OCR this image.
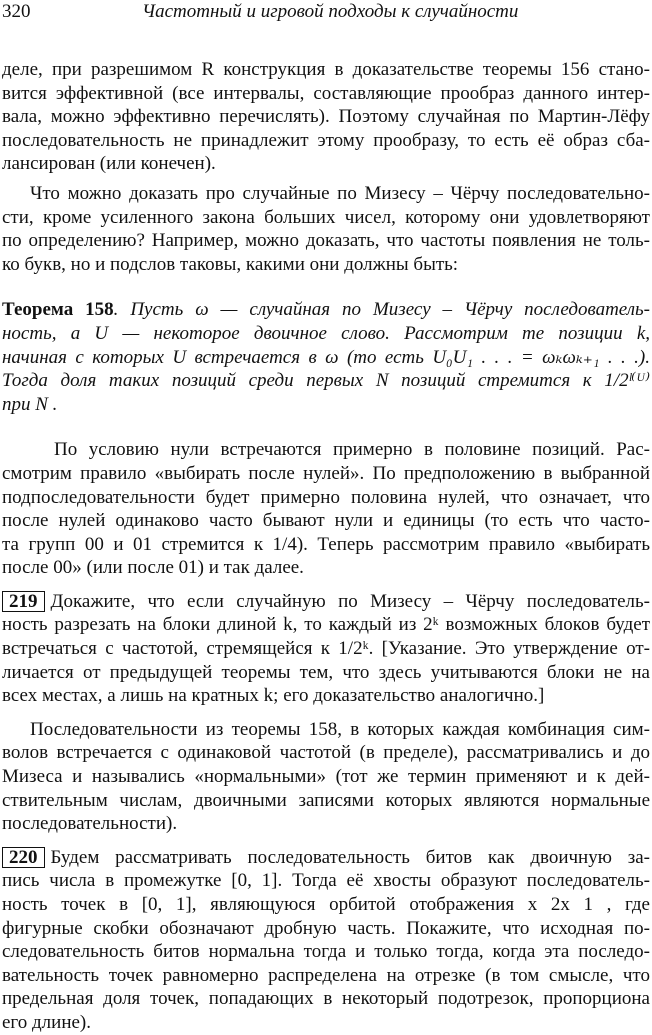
320	Частотный и игровой подходы к случайности

деле, при разрешимом R конструкция в доказательстве теоремы 156 стано-
вится эффективной (все интервалы, составляющие прообраз данного интер-
вала, можно эффективно перечислять). Поэтому случайная по Мартин-Лёфу
последовательность не принадлежит этому прообразу, то есть её образ сба-
лансирован (или конечен).

Что можно доказать про случайные по Мизесу – Чёрчу последовательно-
сти, кроме усиленного закона больших чисел, которому они удовлетворяют
по определению? Например, можно доказать, что частоты появления не толь-
ко букв, но и подслов таковы, какими они должны быть:

Теорема 158. Пусть ω — случайная по Мизесу – Чёрчу последователь-
ность, а U — некоторое двоичное слово. Рассмотрим те позиции k,
начиная с которых U встречается в ω (то есть U₀U₁ . . . = ωₖωₖ₊₁ . . .).
Тогда доля таких позиций среди первых N позиций стремится к 1/2ˡ⁽ᵁ⁾
при N .
По условию нули встречаются примерно в половине позиций. Рас-
смотрим правило «выбирать после нулей». По предположению в выбранной
подпоследовательности будет примерно половина нулей, что означает, что
после нулей одинаково часто бывают нули и единицы (то есть что часто-
та групп 00 и 01 стремится к 1/4). Теперь рассмотрим правило «выбирать
после 00» (или после 01) и так далее.
219 Докажите, что если случайную по Мизесу – Чёрчу последователь-
ность разрезать на блоки длиной k, то каждый из 2ᵏ возможных блоков будет
встречаться с частотой, стремящейся к 1/2ᵏ. [Указание. Это утверждение от-
личается от предыдущей теоремы тем, что здесь учитываются блоки не на
всех местах, а лишь на кратных k; его доказательство аналогично.]
Последовательности из теоремы 158, в которых каждая комбинация сим-
волов встречается с одинаковой частотой (в пределе), рассматривались и до
Мизеса и назывались «нормальными» (тот же термин применяют и к дей-
ствительным числам, двоичными записями которых являются нормальные
последовательности).
220 Будем рассматривать последовательность битов как двоичную за-
пись числа в промежутке [0, 1]. Тогда её хвосты образуют последователь-
ность точек в [0, 1], являющуюся орбитой отображения x 2x 1 , где
фигурные скобки обозначают дробную часть. Покажите, что исходная по-
следовательность битов нормальна тогда и только тогда, когда эта последо-
вательность точек равномерно распределена на отрезке (в том смысле, что
предельная доля точек, попадающих в некоторый подотрезок, пропорциона
его длине).
